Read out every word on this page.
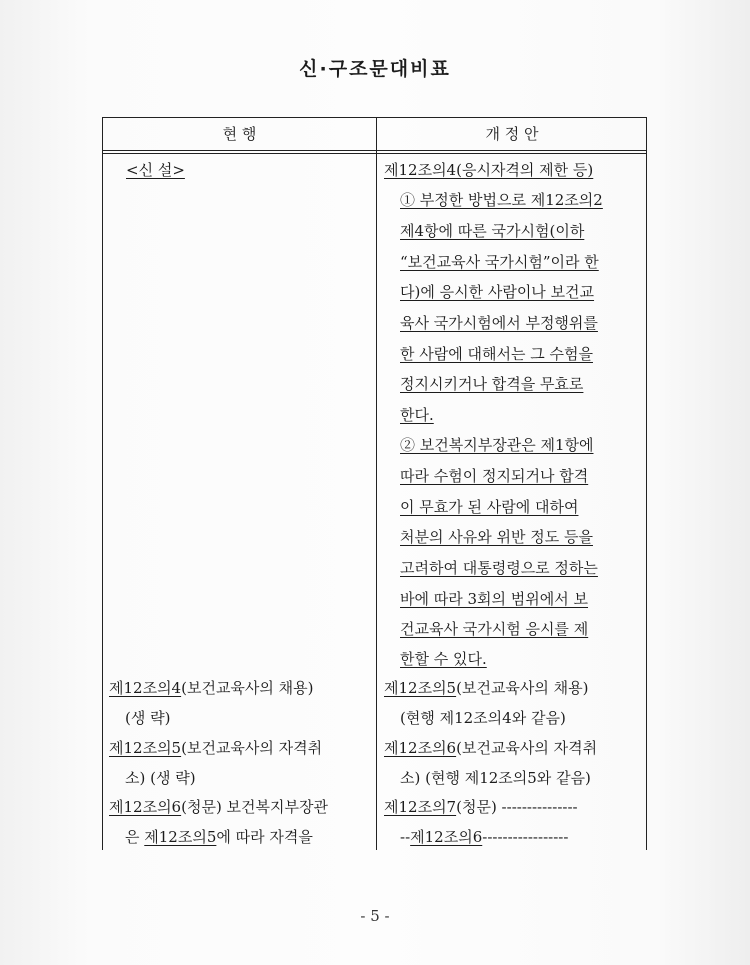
신·구조문대비표
현 행	개 정 안
<신 설>
제12조의4(보건교육사의 채용)
(생 략)
제12조의5(보건교육사의 자격취
소) (생 략)
제12조의6(청문) 보건복지부장관
은 제12조의5에 따라 자격을
제12조의4(응시자격의 제한 등)
① 부정한 방법으로 제12조의2
제4항에 따른 국가시험(이하
“보건교육사 국가시험”이라 한
다)에 응시한 사람이나 보건교
육사 국가시험에서 부정행위를
한 사람에 대해서는 그 수험을
정지시키거나 합격을 무효로
한다.
② 보건복지부장관은 제1항에
따라 수험이 정지되거나 합격
이 무효가 된 사람에 대하여
처분의 사유와 위반 정도 등을
고려하여 대통령령으로 정하는
바에 따라 3회의 범위에서 보
건교육사 국가시험 응시를 제
한할 수 있다.
제12조의5(보건교육사의 채용)
(현행 제12조의4와 같음)
제12조의6(보건교육사의 자격취
소) (현행 제12조의5와 같음)
제12조의7(청문) ---------------
--제12조의6-----------------
- 5 -
